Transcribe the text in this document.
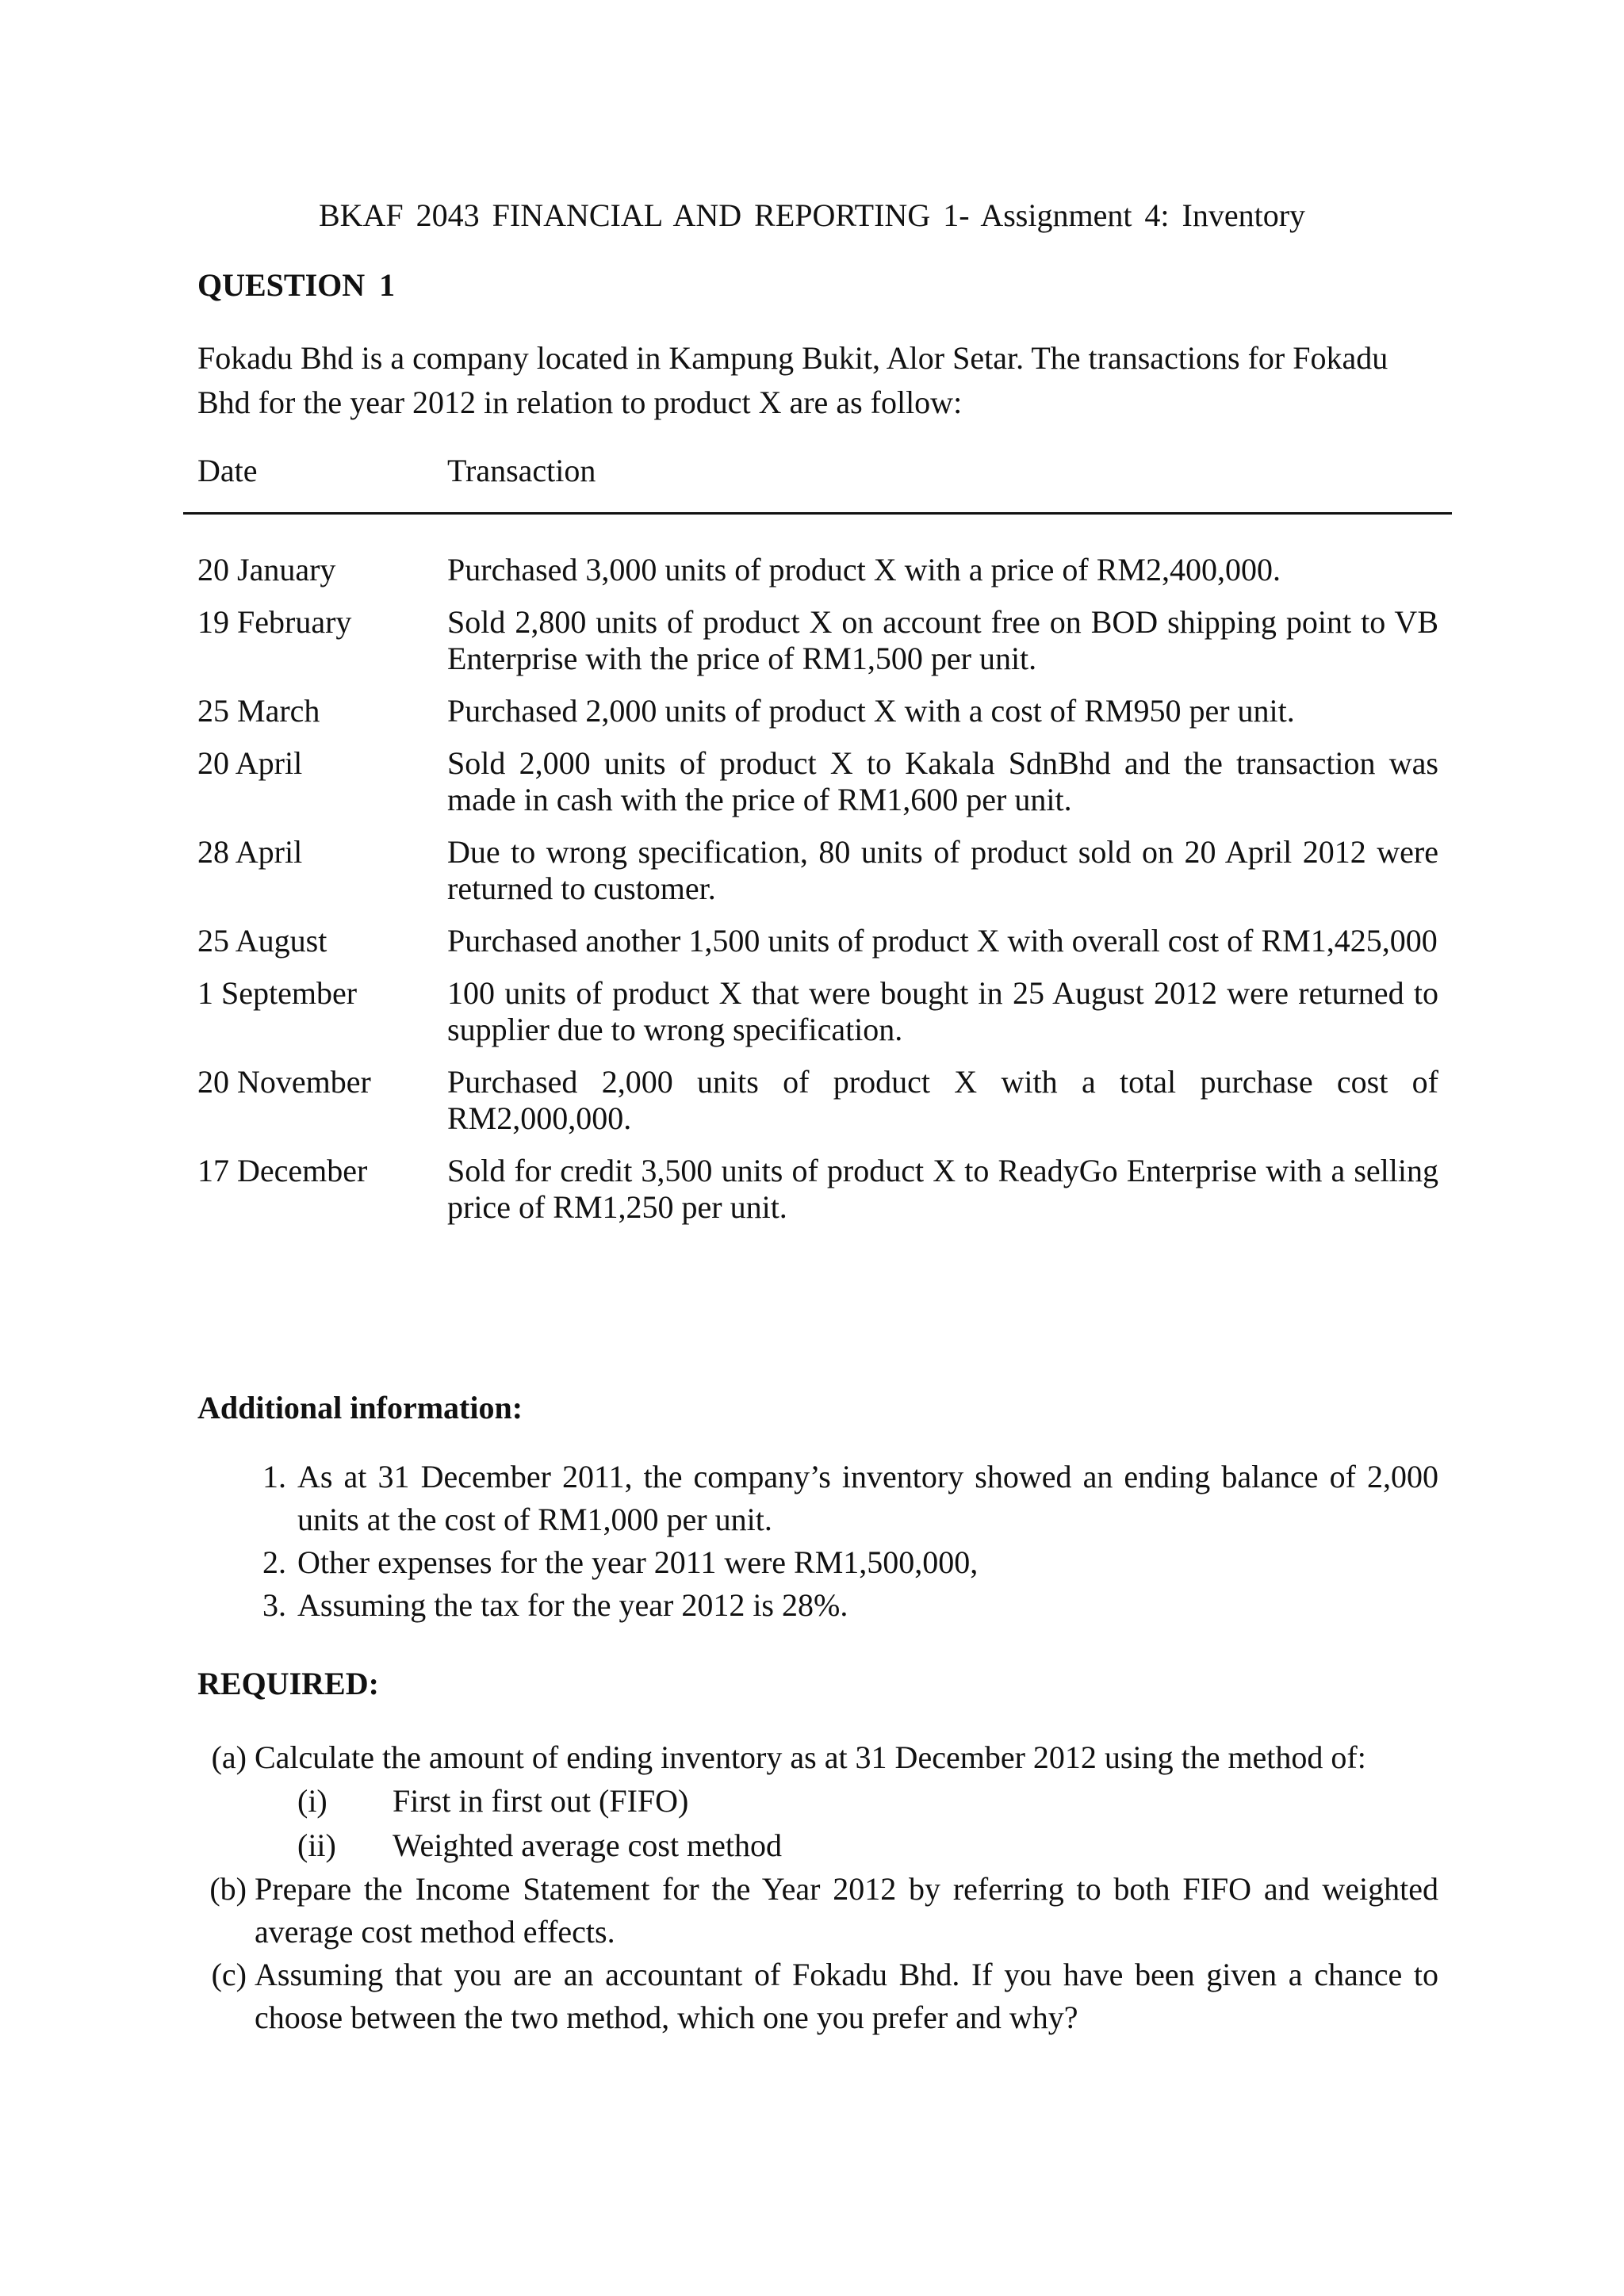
BKAF 2043 FINANCIAL AND REPORTING 1- Assignment 4: Inventory
QUESTION 1
Fokadu Bhd is a company located in Kampung Bukit, Alor Setar. The transactions for Fokadu Bhd for the year 2012 in relation to product X are as follow:
Date	Transaction
20 January	Purchased 3,000 units of product X with a price of RM2,400,000.
19 February	Sold 2,800 units of product X on account free on BOD shipping point to VB Enterprise with the price of RM1,500 per unit.
25 March	Purchased 2,000 units of product X with a cost of RM950 per unit.
20 April	Sold 2,000 units of product X to Kakala SdnBhd and the transaction was made in cash with the price of RM1,600 per unit.
28 April	Due to wrong specification, 80 units of product sold on 20 April 2012 were returned to customer.
25 August	Purchased another 1,500 units of product X with overall cost of RM1,425,000
1 September	100 units of product X that were bought in 25 August 2012 were returned to supplier due to wrong specification.
20 November	Purchased 2,000 units of product X with a total purchase cost of RM2,000,000.
17 December	Sold for credit 3,500 units of product X to ReadyGo Enterprise with a selling price of RM1,250 per unit.
Additional information:
1. As at 31 December 2011, the company’s inventory showed an ending balance of 2,000 units at the cost of RM1,000 per unit.
2. Other expenses for the year 2011 were RM1,500,000,
3. Assuming the tax for the year 2012 is 28%.
REQUIRED:
(a) Calculate the amount of ending inventory as at 31 December 2012 using the method of:
(i)	First in first out (FIFO)
(ii)	Weighted average cost method
(b) Prepare the Income Statement for the Year 2012 by referring to both FIFO and weighted average cost method effects.
(c) Assuming that you are an accountant of Fokadu Bhd. If you have been given a chance to choose between the two method, which one you prefer and why?
